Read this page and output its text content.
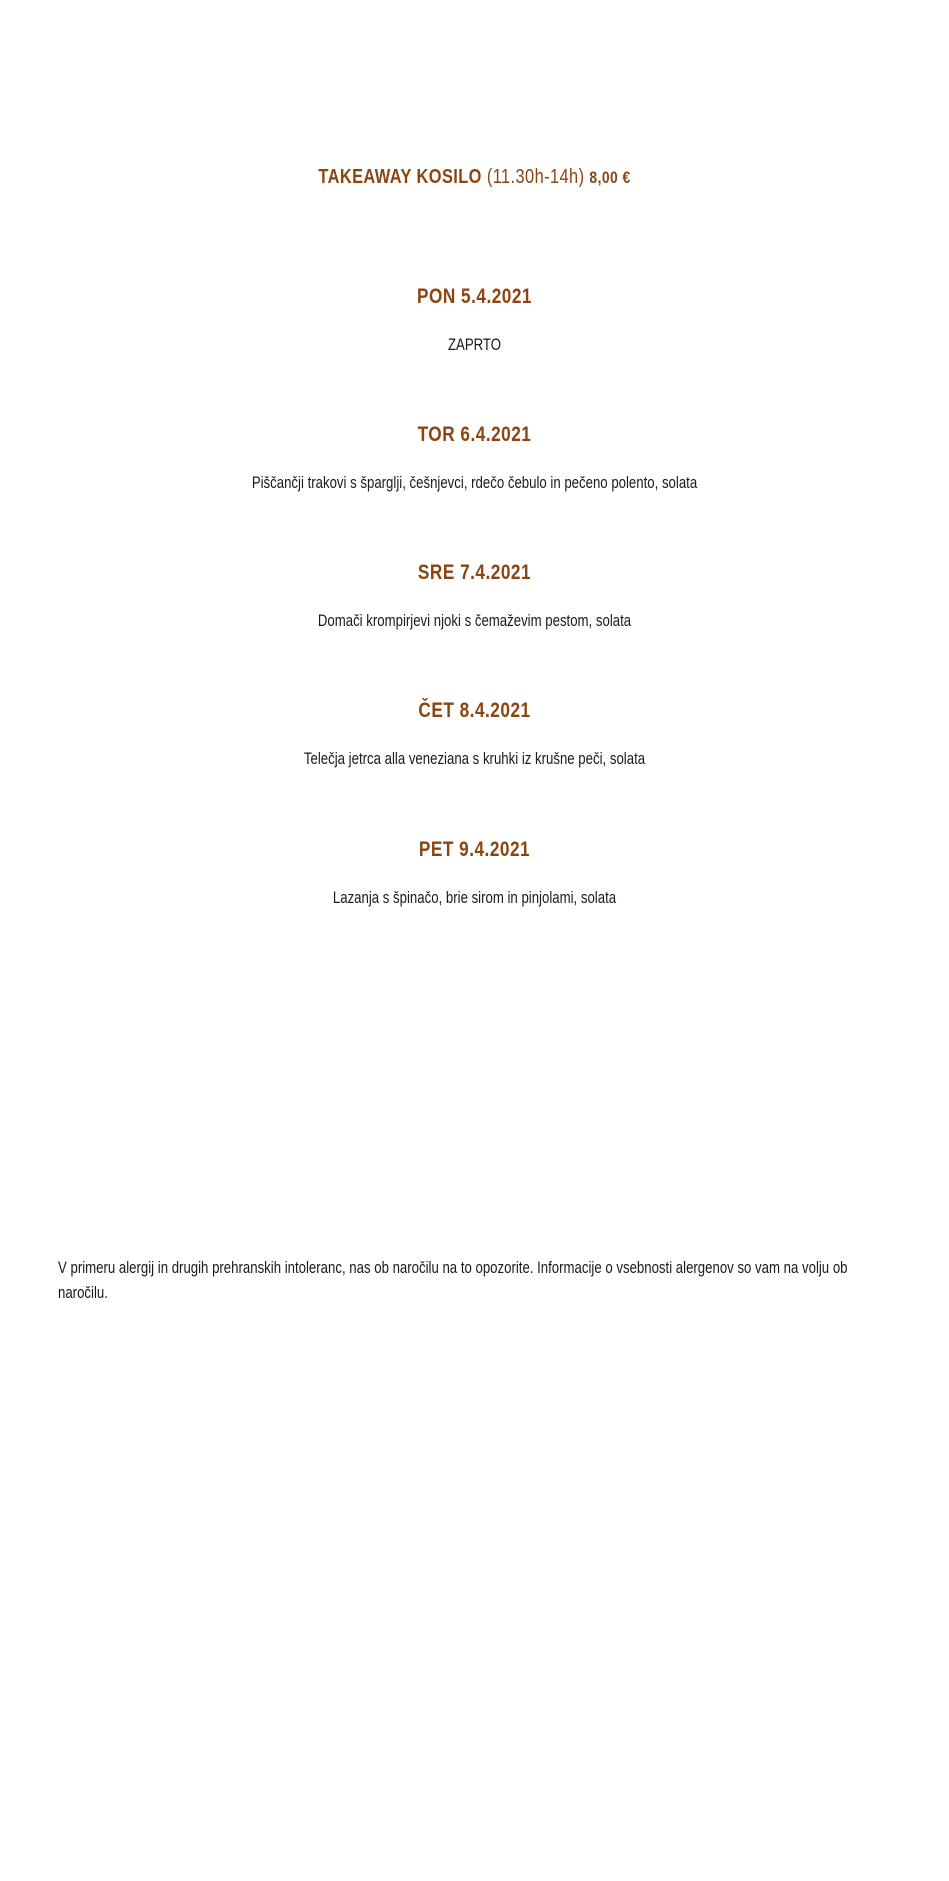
TAKEAWAY KOSILO (11.30h-14h) 8,00 €
PON 5.4.2021
ZAPRTO
TOR 6.4.2021
Piščančji trakovi s šparglji, češnjevci, rdečo čebulo in pečeno polento, solata
SRE 7.4.2021
Domači krompirjevi njoki s čemaževim pestom, solata
ČET 8.4.2021
Telečja jetrca alla veneziana s kruhki iz krušne peči, solata
PET 9.4.2021
Lazanja s špinačo, brie sirom in pinjolami, solata
V primeru alergij in drugih prehranskih intoleranc, nas ob naročilu na to opozorite. Informacije o vsebnosti alergenov so vam na volju ob
naročilu.
